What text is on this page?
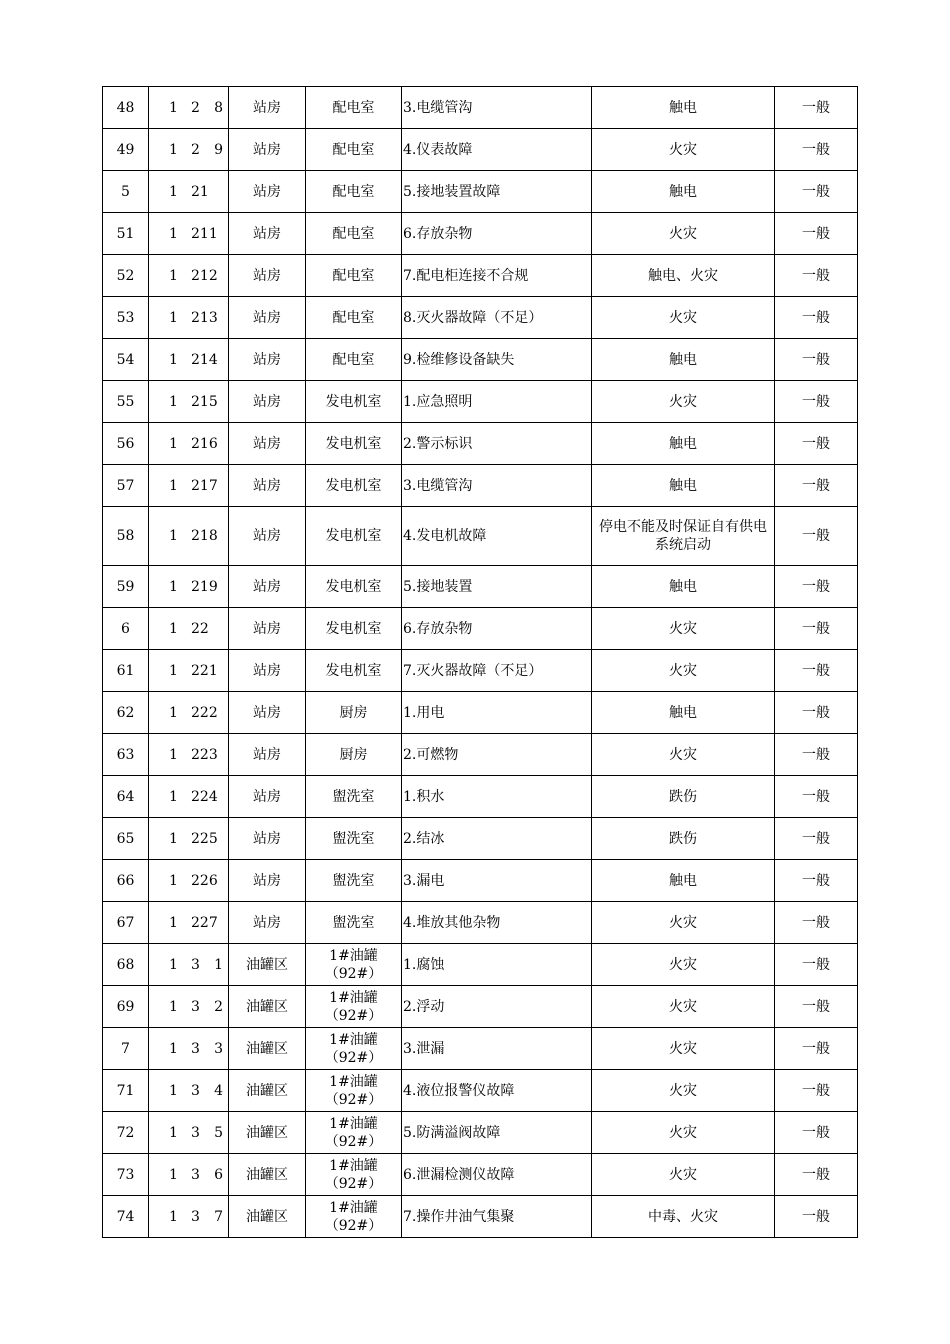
48	1 2 8	站房	配电室	3.电缆管沟	触电	一般
49	1 2 9	站房	配电室	4.仪表故障	火灾	一般
5	1 21	站房	配电室	5.接地装置故障	触电	一般
51	1 211	站房	配电室	6.存放杂物	火灾	一般
52	1 212	站房	配电室	7.配电柜连接不合规	触电、火灾	一般
53	1 213	站房	配电室	8.灭火器故障（不足）	火灾	一般
54	1 214	站房	配电室	9.检维修设备缺失	触电	一般
55	1 215	站房	发电机室	1.应急照明	火灾	一般
56	1 216	站房	发电机室	2.警示标识	触电	一般
57	1 217	站房	发电机室	3.电缆管沟	触电	一般
58	1 218	站房	发电机室	4.发电机故障	停电不能及时保证自有供电系统启动	一般
59	1 219	站房	发电机室	5.接地装置	触电	一般
6	1 22	站房	发电机室	6.存放杂物	火灾	一般
61	1 221	站房	发电机室	7.灭火器故障（不足）	火灾	一般
62	1 222	站房	厨房	1.用电	触电	一般
63	1 223	站房	厨房	2.可燃物	火灾	一般
64	1 224	站房	盥洗室	1.积水	跌伤	一般
65	1 225	站房	盥洗室	2.结冰	跌伤	一般
66	1 226	站房	盥洗室	3.漏电	触电	一般
67	1 227	站房	盥洗室	4.堆放其他杂物	火灾	一般
68	1 3 1	油罐区	1#油罐
（92#）	1.腐蚀	火灾	一般
69	1 3 2	油罐区	1#油罐
（92#）	2.浮动	火灾	一般
7	1 3 3	油罐区	1#油罐
（92#）	3.泄漏	火灾	一般
71	1 3 4	油罐区	1#油罐
（92#）	4.液位报警仪故障	火灾	一般
72	1 3 5	油罐区	1#油罐
（92#）	5.防满溢阀故障	火灾	一般
73	1 3 6	油罐区	1#油罐
（92#）	6.泄漏检测仪故障	火灾	一般
74	1 3 7	油罐区	1#油罐
（92#）	7.操作井油气集聚	中毒、火灾	一般
